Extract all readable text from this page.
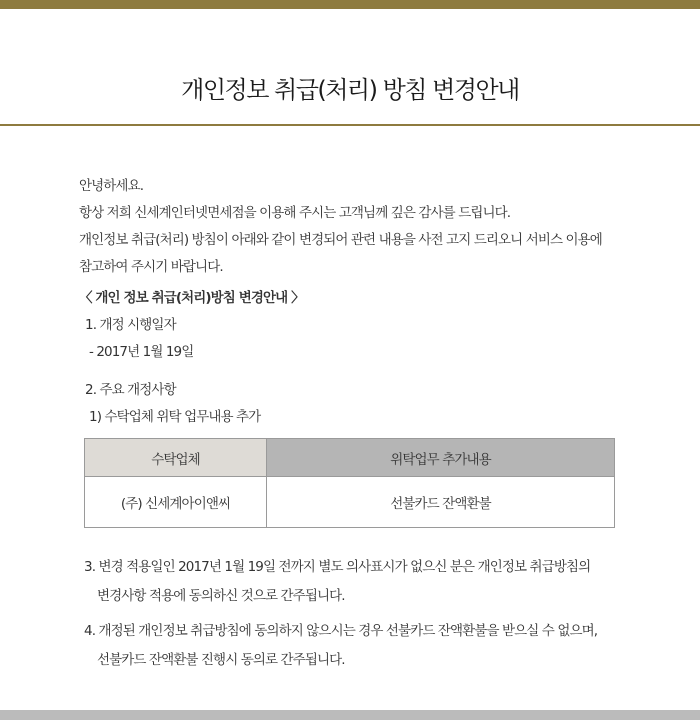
개인정보 취급(처리) 방침 변경안내
안녕하세요.
항상 저희 신세계인터넷면세점을 이용해 주시는 고객님께 깊은 감사를 드립니다.
개인정보 취급(처리) 방침이 아래와 같이 변경되어 관련 내용을 사전 고지 드리오니 서비스 이용에
참고하여 주시기 바랍니다.
〈 개인 정보 취급(처리)방침 변경안내 〉
1. 개정 시행일자
- 2017년 1월 19일
2. 주요 개정사항
1) 수탁업체 위탁 업무내용 추가
수탁업체	위탁업무 추가내용
(주) 신세계아이앤씨	선불카드 잔액환불
3. 변경 적용일인 2017년 1월 19일 전까지 별도 의사표시가 없으신 분은 개인정보 취급방침의
변경사항 적용에 동의하신 것으로 간주됩니다.
4. 개정된 개인정보 취급방침에 동의하지 않으시는 경우 선불카드 잔액환불을 받으실 수 없으며,
선불카드 잔액환불 진행시 동의로 간주됩니다.
